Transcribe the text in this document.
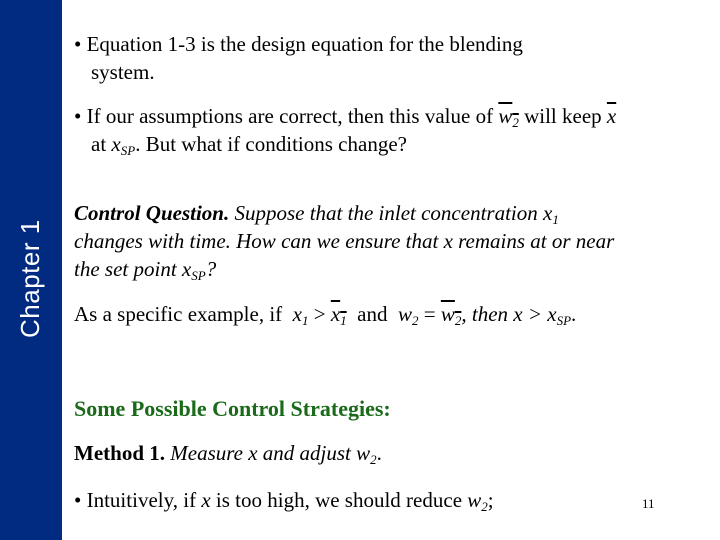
Chapter 1
• Equation 1-3 is the design equation for the blending
system.
• If our assumptions are correct, then this value of $w_2$ will keep $\overline{x}$
at $x_{SP}$. But what if conditions change?
Control Question. Suppose that the inlet concentration $x_1$
changes with time. How can we ensure that x remains at or near
the set point $x_{SP}$?
As a specific example, if $x_1 > x_1$ and $w_2 = w_2$, then $x > x_{SP}$.
Some Possible Control Strategies:
Method 1. Measure x and adjust $w_2$.
• Intuitively, if x is too high, we should reduce $w_2$;	11
